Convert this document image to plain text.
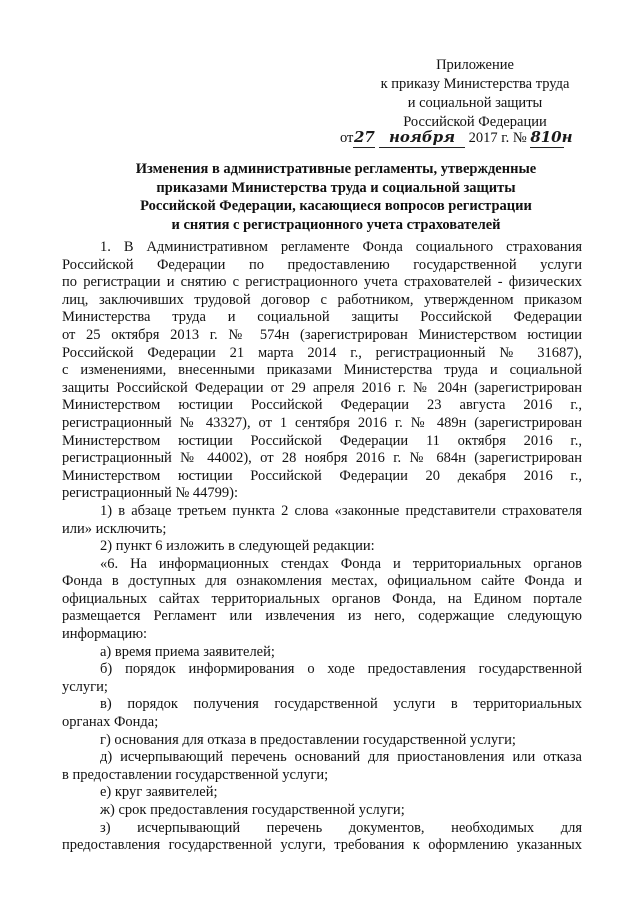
Приложение
к приказу Министерства труда
и социальной защиты
Российской Федерации
от27 ноября 2017 г. № 810н
Изменения в административные регламенты, утвержденные
приказами Министерства труда и социальной защиты
Российской Федерации, касающиеся вопросов регистрации
и снятия с регистрационного учета страхователей
1. В Административном регламенте Фонда социального страхования
Российской Федерации по предоставлению государственной услуги
по регистрации и снятию с регистрационного учета страхователей - физических
лиц, заключивших трудовой договор с работником, утвержденном приказом
Министерства труда и социальной защиты Российской Федерации
от 25 октября 2013 г. № 574н (зарегистрирован Министерством юстиции
Российской Федерации 21 марта 2014 г., регистрационный № 31687),
с изменениями, внесенными приказами Министерства труда и социальной
защиты Российской Федерации от 29 апреля 2016 г. № 204н (зарегистрирован
Министерством юстиции Российской Федерации 23 августа 2016 г.,
регистрационный № 43327), от 1 сентября 2016 г. № 489н (зарегистрирован
Министерством юстиции Российской Федерации 11 октября 2016 г.,
регистрационный № 44002), от 28 ноября 2016 г. № 684н (зарегистрирован
Министерством юстиции Российской Федерации 20 декабря 2016 г.,
регистрационный № 44799):
1) в абзаце третьем пункта 2 слова «законные представители страхователя
или» исключить;
2) пункт 6 изложить в следующей редакции:
«6. На информационных стендах Фонда и территориальных органов
Фонда в доступных для ознакомления местах, официальном сайте Фонда и
официальных сайтах территориальных органов Фонда, на Едином портале
размещается Регламент или извлечения из него, содержащие следующую
информацию:
а) время приема заявителей;
б) порядок информирования о ходе предоставления государственной
услуги;
в) порядок получения государственной услуги в территориальных
органах Фонда;
г) основания для отказа в предоставлении государственной услуги;
д) исчерпывающий перечень оснований для приостановления или отказа
в предоставлении государственной услуги;
е) круг заявителей;
ж) срок предоставления государственной услуги;
з) исчерпывающий перечень документов, необходимых для
предоставления государственной услуги, требования к оформлению указанных
